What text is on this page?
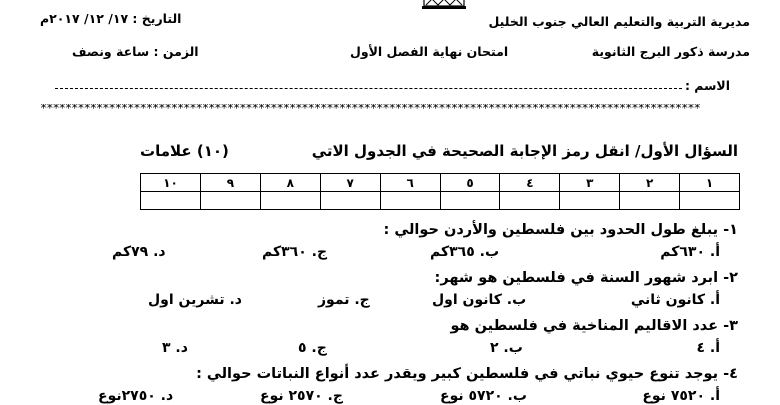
مديرية التربية والتعليم العالي جنوب الخليل
التاريخ : ١٧/ ١٢/ ٢٠١٧م
مدرسة ذكور البرج الثانوية
امتحان نهاية الفصل الأول
الزمن : ساعة ونصف
الاسم :
**********************************************************************************************************
السؤال الأول/ انقل رمز الإجابة الصحيحة في الجدول الاتي
(١٠) علامات
١	٢	٣	٤	٥	٦	٧	٨	٩	١٠

١- يبلغ طول الحدود بين فلسطين والأردن حوالي :
أ. ٦٣٠كم
ب. ٣٦٥كم
ج. ٣٦٠كم
د. ٧٩كم
٢- ابرد شهور السنة في فلسطين هو شهر:
أ. كانون ثاني
ب. كانون اول
ج. تموز
د. تشرين اول
٣- عدد الاقاليم المناخية في فلسطين هو
أ. ٤
ب. ٢
ج. ٥
د. ٣
٤- يوجد تنوع حيوي نباتي في فلسطين كبير ويقدر عدد أنواع النباتات حوالي :
أ. ٧٥٢٠ نوع
ب. ٥٧٢٠ نوع
ج. ٢٥٧٠ نوع
د. ٢٧٥٠نوع
